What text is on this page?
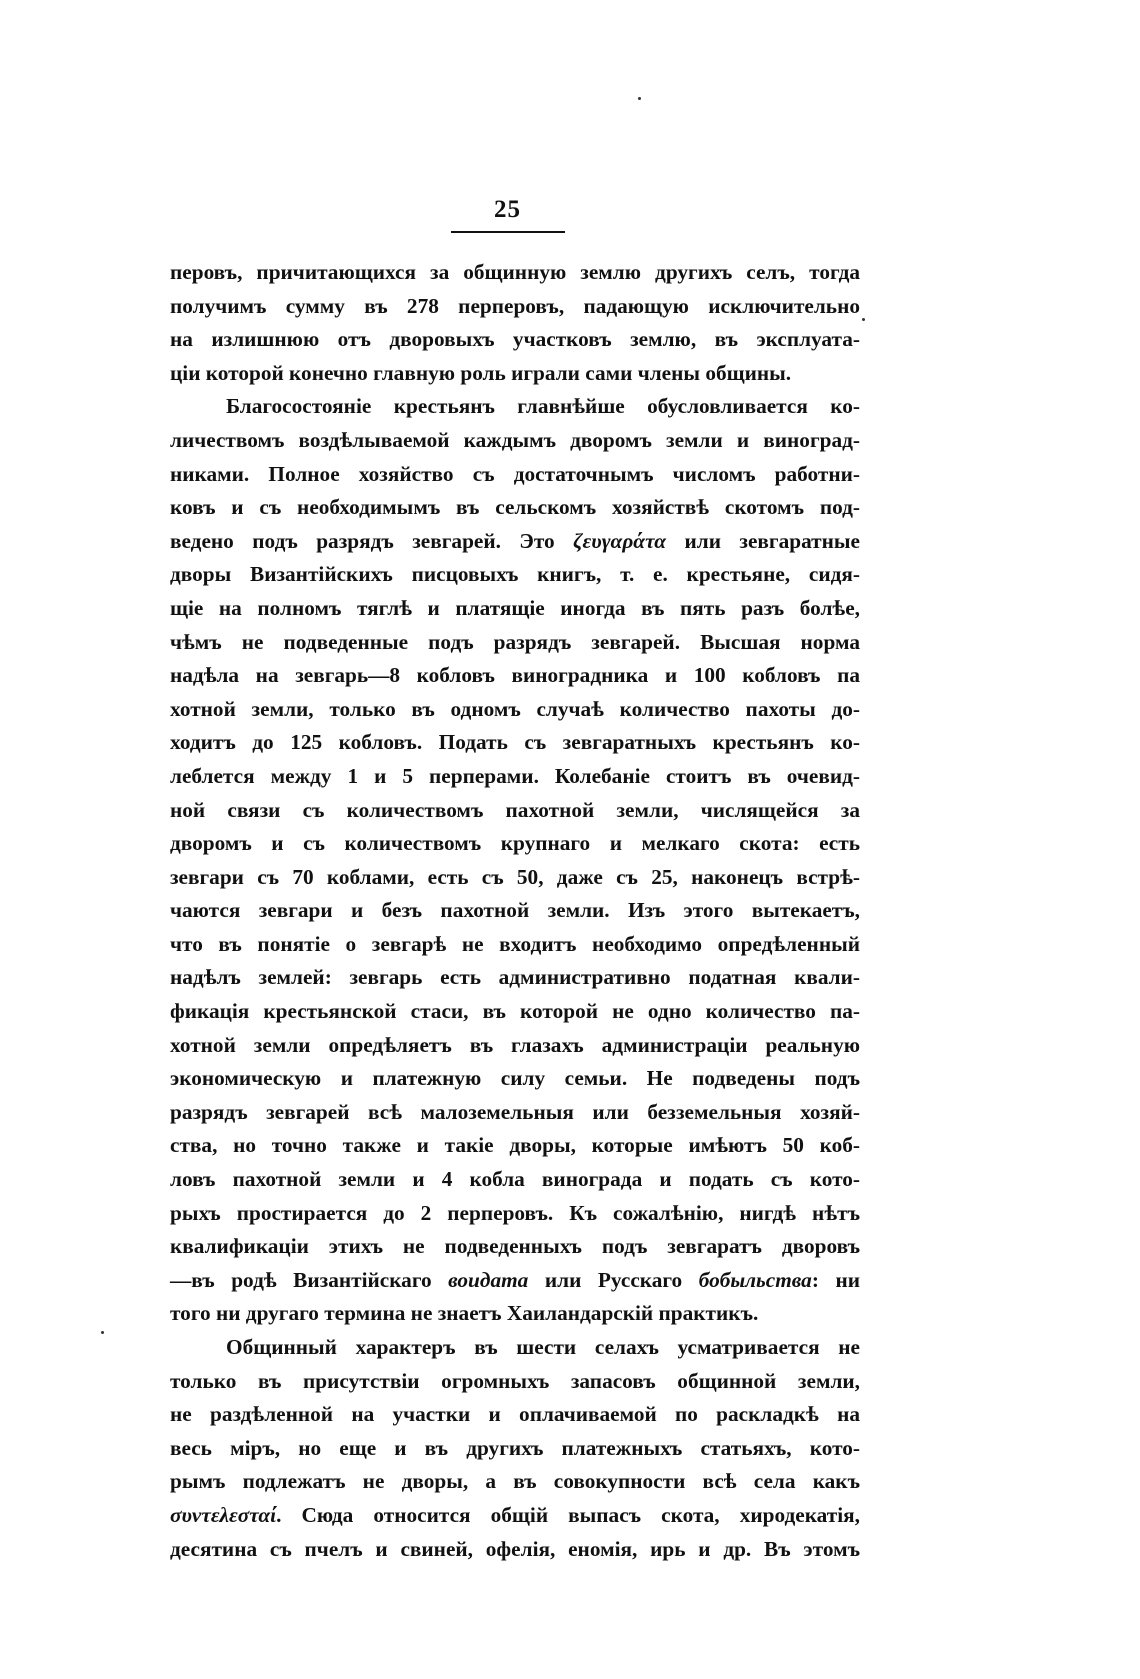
25
перовъ, причитающихся за общинную землю другихъ селъ, тогда
получимъ сумму въ 278 перперовъ, падающую исключительно
на излишнюю отъ дворовыхъ участковъ землю, въ эксплуата-
ціи которой конечно главную роль играли сами члены общины.
Благосостояніе крестьянъ главнѣйше обусловливается ко-
личествомъ воздѣлываемой каждымъ дворомъ земли и виноград-
никами. Полное хозяйство съ достаточнымъ числомъ работни-
ковъ и съ необходимымъ въ сельскомъ хозяйствѣ скотомъ под-
ведено подъ разрядъ зевгарей. Это ζευγαράτα или зевгаратные
дворы Византійскихъ писцовыхъ книгъ, т. е. крестьяне, сидя-
щіе на полномъ тяглѣ и платящіе иногда въ пять разъ болѣе,
чѣмъ не подведенные подъ разрядъ зевгарей. Высшая норма
надѣла на зевгарь—8 кобловъ виноградника и 100 кобловъ па
хотной земли, только въ одномъ случаѣ количество пахоты до-
ходитъ до 125 кобловъ. Подать съ зевгаратныхъ крестьянъ ко-
леблется между 1 и 5 перперами. Колебаніе стоитъ въ очевид-
ной связи съ количествомъ пахотной земли, числящейся за
дворомъ и съ количествомъ крупнаго и мелкаго скота: есть
зевгари съ 70 коблами, есть съ 50, даже съ 25, наконецъ встрѣ-
чаются зевгари и безъ пахотной земли. Изъ этого вытекаетъ,
что въ понятіе о зевгарѣ не входитъ необходимо опредѣленный
надѣлъ землей: зевгарь есть административно податная квали-
фикація крестьянской стаси, въ которой не одно количество па-
хотной земли опредѣляетъ въ глазахъ администраціи реальную
экономическую и платежную силу семьи. Не подведены подъ
разрядъ зевгарей всѣ малоземельныя или безземельныя хозяй-
ства, но точно также и такіе дворы, которые имѣютъ 50 коб-
ловъ пахотной земли и 4 кобла винограда и подать съ кото-
рыхъ простирается до 2 перперовъ. Къ сожалѣнію, нигдѣ нѣтъ
квалификаціи этихъ не подведенныхъ подъ зевгаратъ дворовъ
—въ родѣ Византійскаго воидата или Русскаго бобыльства: ни
того ни другаго термина не знаетъ Хаиландарскій практикъ.
Общинный характеръ въ шести селахъ усматривается не
только въ присутствіи огромныхъ запасовъ общинной земли,
не раздѣленной на участки и оплачиваемой по раскладкѣ на
весь міръ, но еще и въ другихъ платежныхъ статьяхъ, кото-
рымъ подлежатъ не дворы, а въ совокупности всѣ села какъ
συντελεσταί. Сюда относится общій выпасъ скота, хиродекатія,
десятина съ пчелъ и свиней, офелія, еномія, ирь и др. Въ этомъ
